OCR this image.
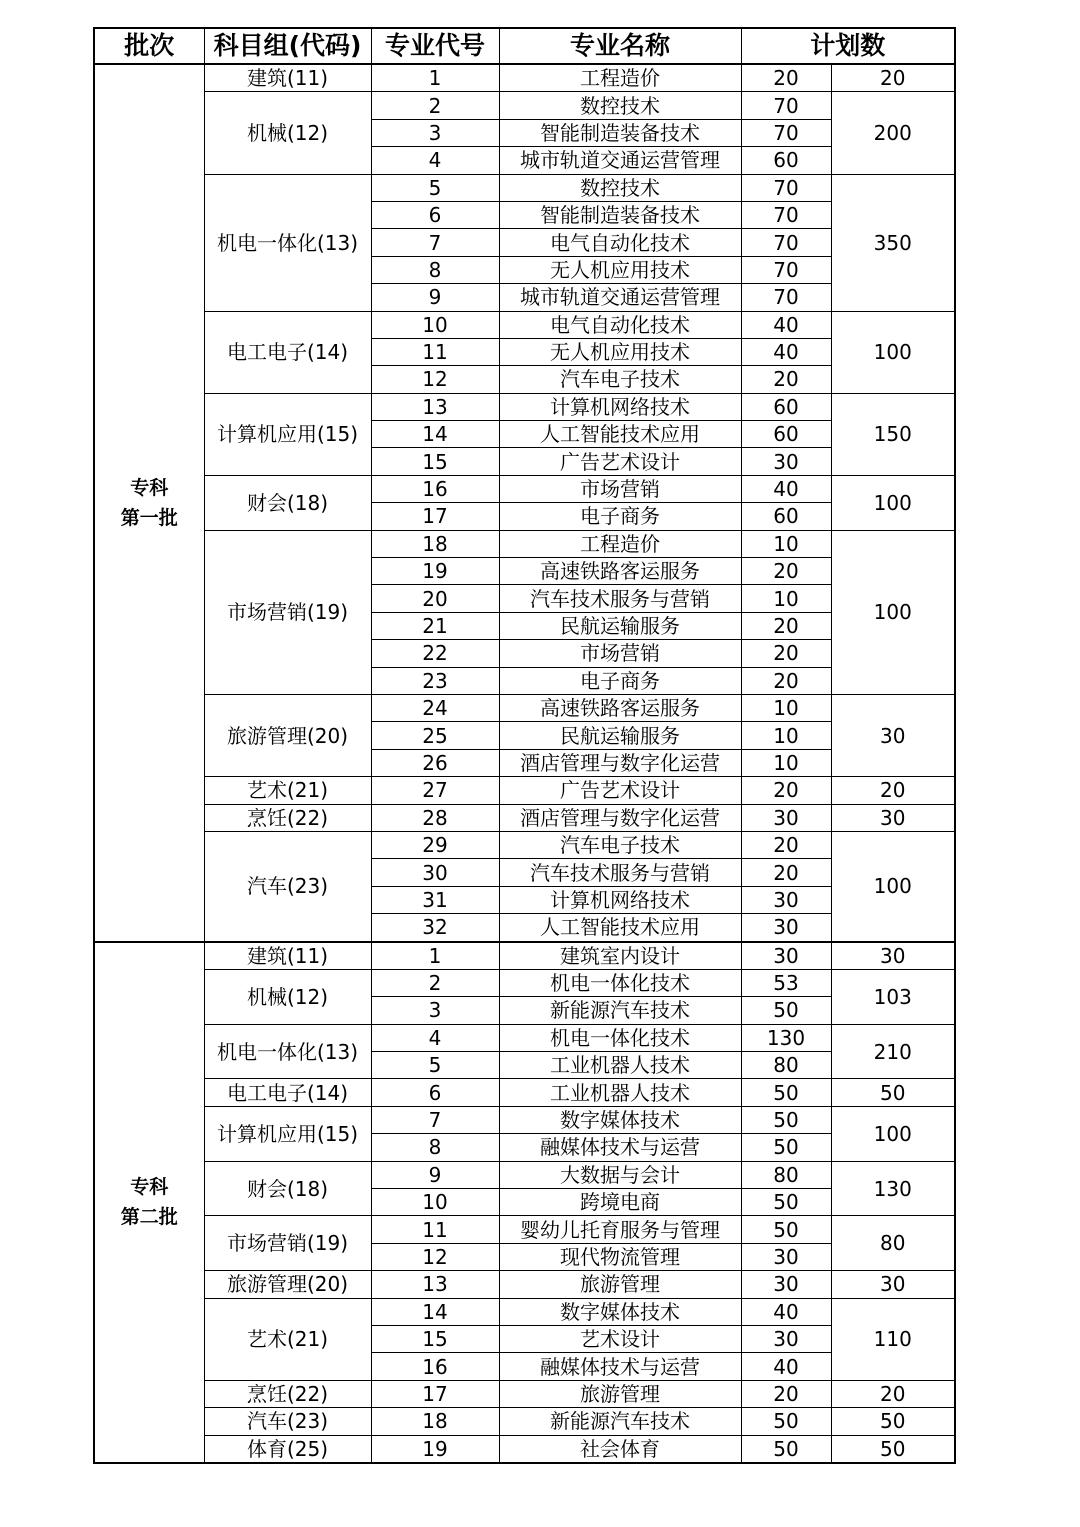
批次	科目组(代码)	专业代号	专业名称	计划数	

专科
第一批	建筑(11)	1	工程造价	20	20
	机械(12)	2	数控技术	70	200
		3	智能制造装备技术	70	
		4	城市轨道交通运营管理	60	
	机电一体化(13)	5	数控技术	70	350
		6	智能制造装备技术	70	
		7	电气自动化技术	70	
		8	无人机应用技术	70	
		9	城市轨道交通运营管理	70	
	电工电子(14)	10	电气自动化技术	40	100
		11	无人机应用技术	40	
		12	汽车电子技术	20	
	计算机应用(15)	13	计算机网络技术	60	150
		14	人工智能技术应用	60	
		15	广告艺术设计	30	
	财会(18)	16	市场营销	40	100
		17	电子商务	60	
	市场营销(19)	18	工程造价	10	100
		19	高速铁路客运服务	20	
		20	汽车技术服务与营销	10	
		21	民航运输服务	20	
		22	市场营销	20	
		23	电子商务	20	
	旅游管理(20)	24	高速铁路客运服务	10	30
		25	民航运输服务	10	
		26	酒店管理与数字化运营	10	
	艺术(21)	27	广告艺术设计	20	20
	烹饪(22)	28	酒店管理与数字化运营	30	30
	汽车(23)	29	汽车电子技术	20	100
		30	汽车技术服务与营销	20	
		31	计算机网络技术	30	
		32	人工智能技术应用	30	

专科
第二批	建筑(11)	1	建筑室内设计	30	30
	机械(12)	2	机电一体化技术	53	103
		3	新能源汽车技术	50	
	机电一体化(13)	4	机电一体化技术	130	210
		5	工业机器人技术	80	
	电工电子(14)	6	工业机器人技术	50	50
	计算机应用(15)	7	数字媒体技术	50	100
		8	融媒体技术与运营	50	
	财会(18)	9	大数据与会计	80	130
		10	跨境电商	50	
	市场营销(19)	11	婴幼儿托育服务与管理	50	80
		12	现代物流管理	30	
	旅游管理(20)	13	旅游管理	30	30
	艺术(21)	14	数字媒体技术	40	110
		15	艺术设计	30	
		16	融媒体技术与运营	40	
	烹饪(22)	17	旅游管理	20	20
	汽车(23)	18	新能源汽车技术	50	50
	体育(25)	19	社会体育	50	50
